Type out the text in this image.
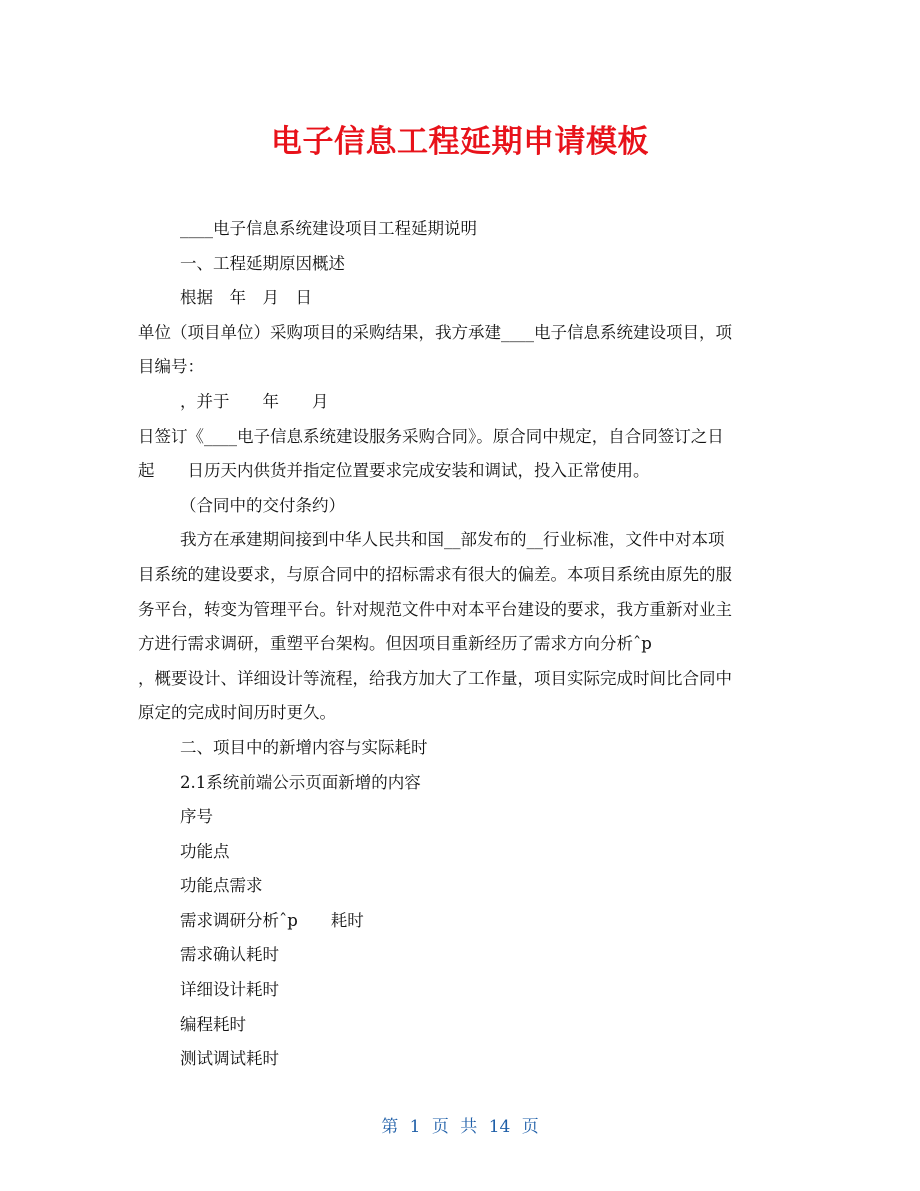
电子信息工程延期申请模板
____电子信息系统建设项目工程延期说明
一、工程延期原因概述
根据　年　月　日
单位（项目单位）采购项目的采购结果，我方承建____电子信息系统建设项目，项
目编号：
，并于　　年　　月
日签订《____电子信息系统建设服务采购合同》。原合同中规定，自合同签订之日
起　　日历天内供货并指定位置要求完成安装和调试，投入正常使用。
（合同中的交付条约）
我方在承建期间接到中华人民共和国__部发布的__行业标准，文件中对本项
目系统的建设要求，与原合同中的招标需求有很大的偏差。本项目系统由原先的服
务平台，转变为管理平台。针对规范文件中对本平台建设的要求，我方重新对业主
方进行需求调研，重塑平台架构。但因项目重新经历了需求方向分析ˆp
，概要设计、详细设计等流程，给我方加大了工作量，项目实际完成时间比合同中
原定的完成时间历时更久。
二、项目中的新增内容与实际耗时
2.1系统前端公示页面新增的内容
序号
功能点
功能点需求
需求调研分析ˆp　　耗时
需求确认耗时
详细设计耗时
编程耗时
测试调试耗时
第 1 页 共 14 页
